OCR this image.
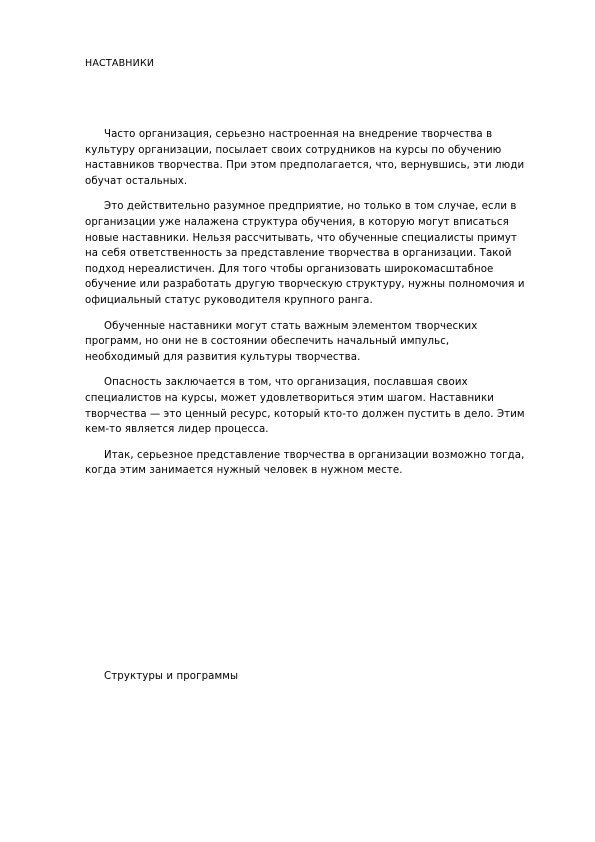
НАСТАВНИКИ

Часто организация, серьезно настроенная на внедрение творчества в
культуру организации, посылает своих сотрудников на курсы по обучению
наставников творчества. При этом предполагается, что, вернувшись, эти люди
обучат остальных.

Это действительно разумное предприятие, но только в том случае, если в
организации уже налажена структура обучения, в которую могут вписаться
новые наставники. Нельзя рассчитывать, что обученные специалисты примут
на себя ответственность за представление творчества в организации. Такой
подход нереалистичен. Для того чтобы организовать широкомасштабное
обучение или разработать другую творческую структуру, нужны полномочия и
официальный статус руководителя крупного ранга.

Обученные наставники могут стать важным элементом творческих
программ, но они не в состоянии обеспечить начальный импульс,
необходимый для развития культуры творчества.

Опасность заключается в том, что организация, пославшая своих
специалистов на курсы, может удовлетвориться этим шагом. Наставники
творчества — это ценный ресурс, который кто-то должен пустить в дело. Этим
кем-то является лидер процесса.

Итак, серьезное представление творчества в организации возможно тогда,
когда этим занимается нужный человек в нужном месте.

Структуры и программы
